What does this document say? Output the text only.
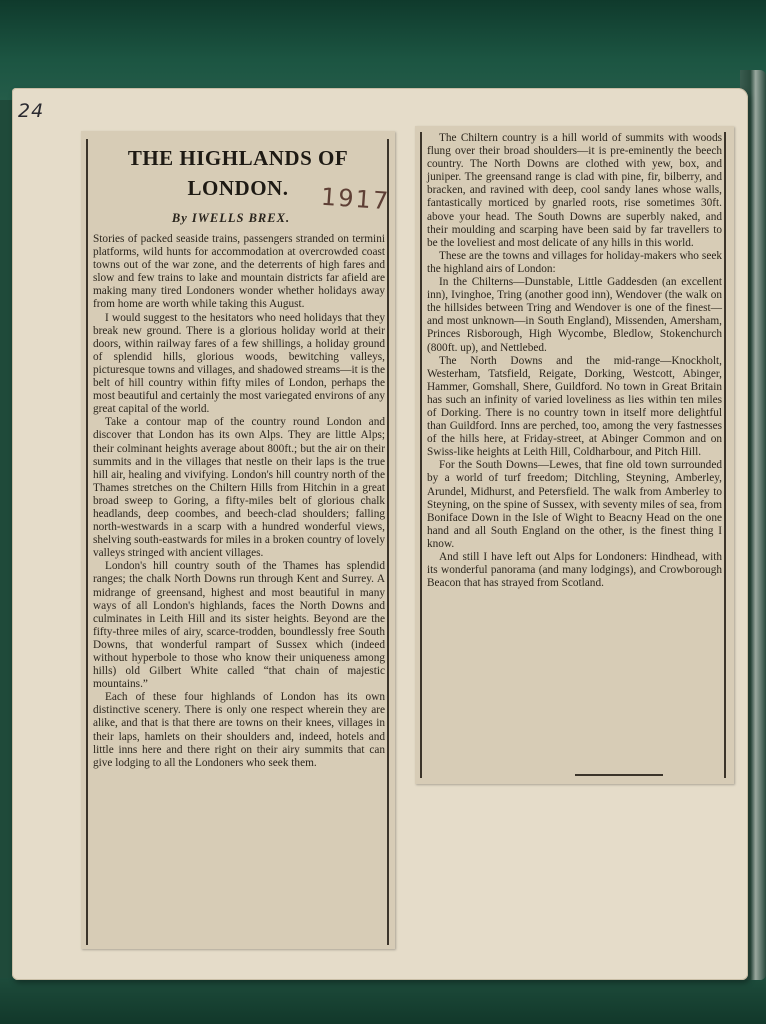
24
THE HIGHLANDS OF
LONDON.	1917
By IWELLS BREX.

Stories of packed seaside trains, passengers stranded on termini platforms, wild hunts for accommodation at overcrowded coast towns out of the war zone, and the deterrents of high fares and slow and few trains to lake and mountain districts far afield are making many tired Londoners wonder whether holidays away from home are worth while taking this August.

I would suggest to the hesitators who need holidays that they break new ground. There is a glorious holiday world at their doors, within railway fares of a few shillings, a holiday ground of splendid hills, glorious woods, bewitching valleys, picturesque towns and villages, and shadowed streams—it is the belt of hill country within fifty miles of London, perhaps the most beautiful and certainly the most variegated environs of any great capital of the world.

Take a contour map of the country round London and discover that London has its own Alps. They are little Alps; their colminant heights average about 800ft.; but the air on their summits and in the villages that nestle on their laps is the true hill air, healing and vivifying. London's hill country north of the Thames stretches on the Chiltern Hills from Hitchin in a great broad sweep to Goring, a fifty-miles belt of glorious chalk headlands, deep coombes, and beech-clad shoulders; falling north-westwards in a scarp with a hundred wonderful views, shelving south-eastwards for miles in a broken country of lovely valleys stringed with ancient villages.

London's hill country south of the Thames has splendid ranges; the chalk North Downs run through Kent and Surrey. A midrange of greensand, highest and most beautiful in many ways of all London's highlands, faces the North Downs and culminates in Leith Hill and its sister heights. Beyond are the fifty-three miles of airy, scarce-trodden, boundlessly free South Downs, that wonderful rampart of Sussex which (indeed without hyperbole to those who know their uniqueness among hills) old Gilbert White called “that chain of majestic mountains.”

Each of these four highlands of London has its own distinctive scenery. There is only one respect wherein they are alike, and that is that there are towns on their knees, villages in their laps, hamlets on their shoulders and, indeed, hotels and little inns here and there right on their airy summits that can give lodging to all the Londoners who seek them.

The Chiltern country is a hill world of summits with woods flung over their broad shoulders—it is pre-eminently the beech country. The North Downs are clothed with yew, box, and juniper. The greensand range is clad with pine, fir, bilberry, and bracken, and ravined with deep, cool sandy lanes whose walls, fantastically morticed by gnarled roots, rise sometimes 30ft. above your head. The South Downs are superbly naked, and their moulding and scarping have been said by far travellers to be the loveliest and most delicate of any hills in this world.

These are the towns and villages for holiday-makers who seek the highland airs of London:

In the Chilterns—Dunstable, Little Gaddesden (an excellent inn), Ivinghoe, Tring (another good inn), Wendover (the walk on the hillsides between Tring and Wendover is one of the finest—and most unknown—in South England), Missenden, Amersham, Princes Risborough, High Wycombe, Bledlow, Stokenchurch (800ft. up), and Nettlebed.

The North Downs and the mid-range—Knockholt, Westerham, Tatsfield, Reigate, Dorking, Westcott, Abinger, Hammer, Gomshall, Shere, Guildford. No town in Great Britain has such an infinity of varied loveliness as lies within ten miles of Dorking. There is no country town in itself more delightful than Guildford. Inns are perched, too, among the very fastnesses of the hills here, at Friday-street, at Abinger Common and on Swiss-like heights at Leith Hill, Coldharbour, and Pitch Hill.

For the South Downs—Lewes, that fine old town surrounded by a world of turf freedom; Ditchling, Steyning, Amberley, Arundel, Midhurst, and Petersfield. The walk from Amberley to Steyning, on the spine of Sussex, with seventy miles of sea, from Boniface Down in the Isle of Wight to Beacny Head on the one hand and all South England on the other, is the finest thing I know.

And still I have left out Alps for Londoners: Hindhead, with its wonderful panorama (and many lodgings), and Crowborough Beacon that has strayed from Scotland.
